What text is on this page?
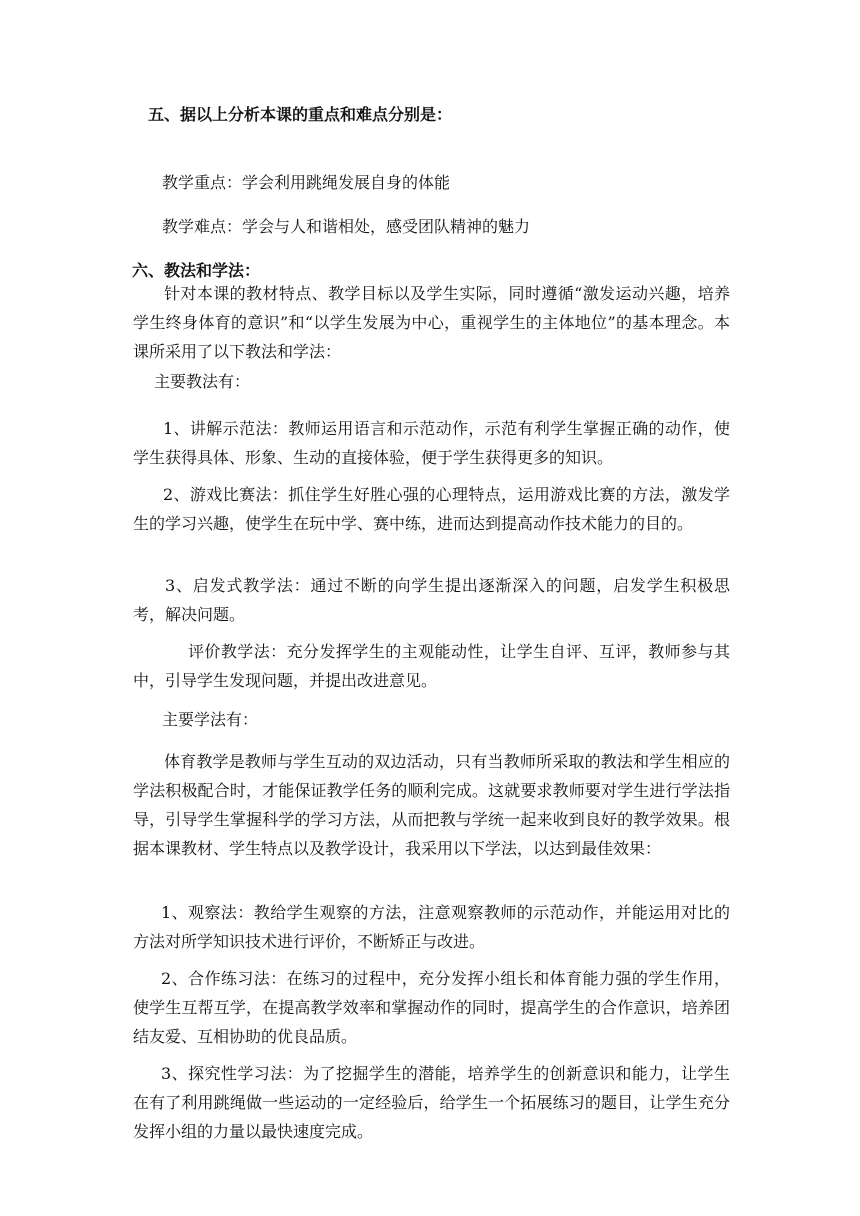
五、据以上分析本课的重点和难点分别是：
教学重点：学会利用跳绳发展自身的体能
教学难点：学会与人和谐相处，感受团队精神的魅力
六、教法和学法：
针对本课的教材特点、教学目标以及学生实际，同时遵循“激发运动兴趣，培养学生终身体育的意识”和“以学生发展为中心，重视学生的主体地位”的基本理念。本课所采用了以下教法和学法：
主要教法有：
1、讲解示范法：教师运用语言和示范动作，示范有利学生掌握正确的动作，使学生获得具体、形象、生动的直接体验，便于学生获得更多的知识。
2、游戏比赛法：抓住学生好胜心强的心理特点，运用游戏比赛的方法，激发学生的学习兴趣，使学生在玩中学、赛中练，进而达到提高动作技术能力的目的。
3、启发式教学法：通过不断的向学生提出逐渐深入的问题，启发学生积极思考，解决问题。
评价教学法：充分发挥学生的主观能动性，让学生自评、互评，教师参与其中，引导学生发现问题，并提出改进意见。
主要学法有：
体育教学是教师与学生互动的双边活动，只有当教师所采取的教法和学生相应的学法积极配合时，才能保证教学任务的顺利完成。这就要求教师要对学生进行学法指导，引导学生掌握科学的学习方法，从而把教与学统一起来收到良好的教学效果。根据本课教材、学生特点以及教学设计，我采用以下学法，以达到最佳效果：
1、观察法：教给学生观察的方法，注意观察教师的示范动作，并能运用对比的方法对所学知识技术进行评价，不断矫正与改进。
2、合作练习法：在练习的过程中，充分发挥小组长和体育能力强的学生作用，使学生互帮互学，在提高教学效率和掌握动作的同时，提高学生的合作意识，培养团结友爱、互相协助的优良品质。
3、探究性学习法：为了挖掘学生的潜能，培养学生的创新意识和能力，让学生在有了利用跳绳做一些运动的一定经验后，给学生一个拓展练习的题目，让学生充分发挥小组的力量以最快速度完成。
